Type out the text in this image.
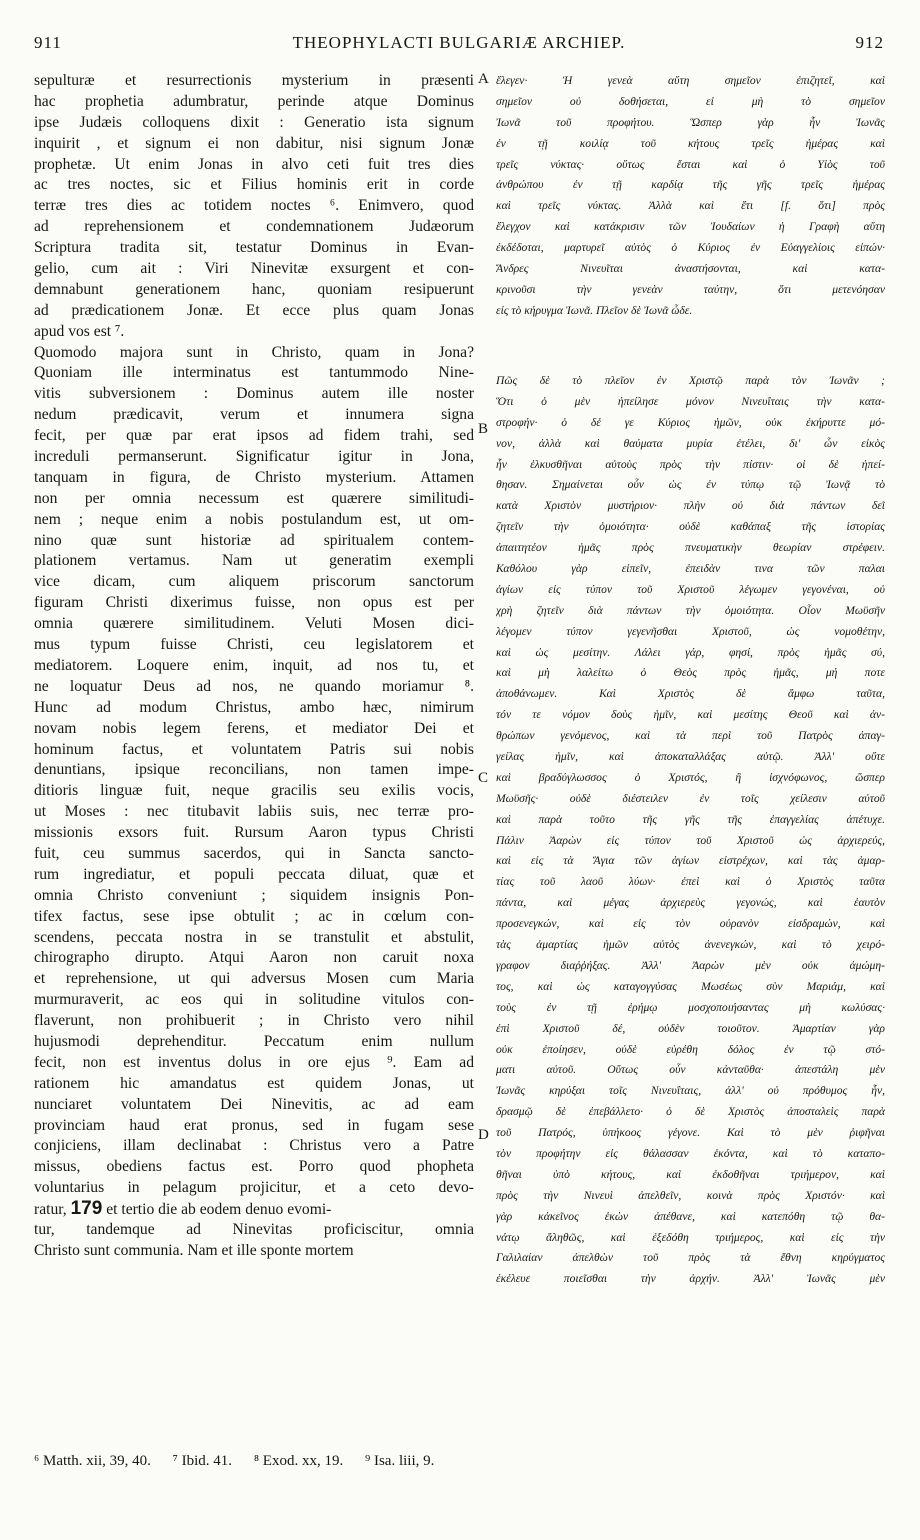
911	THEOPHYLACTI BULGARIÆ ARCHIEP.	912
sepulturæ et resurrectionis mysterium in præsenti
hac prophetia adumbratur, perinde atque Dominus
ipse Judæis colloquens dixit : Generatio ista signum
inquirit , et signum ei non dabitur, nisi signum Jonæ
prophetæ. Ut enim Jonas in alvo ceti fuit tres dies
ac tres noctes, sic et Filius hominis erit in corde
terræ tres dies ac totidem noctes ⁶. Enimvero, quod
ad reprehensionem et condemnationem Judæorum
Scriptura tradita sit, testatur Dominus in Evan-
gelio, cum ait : Viri Ninevitæ exsurgent et con-
demnabunt generationem hanc, quoniam resipuerunt
ad prædicationem Jonæ. Et ecce plus quam Jonas
apud vos est ⁷.
Quomodo majora sunt in Christo, quam in Jona?
Quoniam ille interminatus est tantummodo Nine-
vitis subversionem : Dominus autem ille noster
nedum prædicavit, verum et innumera signa
fecit, per quæ par erat ipsos ad fidem trahi, sed
increduli permanserunt. Significatur igitur in Jona,
tanquam in figura, de Christo mysterium. Attamen
non per omnia necessum est quærere similitudi-
nem ; neque enim a nobis postulandum est, ut om-
nino quæ sunt historiæ ad spiritualem contem-
plationem vertamus. Nam ut generatim exempli
vice dicam, cum aliquem priscorum sanctorum
figuram Christi dixerimus fuisse, non opus est per
omnia quærere similitudinem. Veluti Mosen dici-
mus typum fuisse Christi, ceu legislatorem et
mediatorem. Loquere enim, inquit, ad nos tu, et
ne loquatur Deus ad nos, ne quando moriamur ⁸.
Hunc ad modum Christus, ambo hæc, nimirum
novam nobis legem ferens, et mediator Dei et
hominum factus, et voluntatem Patris sui nobis
denuntians, ipsique reconcilians, non tamen impe-
ditioris linguæ fuit, neque gracilis seu exilis vocis,
ut Moses : nec titubavit labiis suis, nec terræ pro-
missionis exsors fuit. Rursum Aaron typus Christi
fuit, ceu summus sacerdos, qui in Sancta sancto-
rum ingrediatur, et populi peccata diluat, quæ et
omnia Christo conveniunt ; siquidem insignis Pon-
tifex factus, sese ipse obtulit ; ac in cœlum con-
scendens, peccata nostra in se transtulit et abstulit,
chirographo dirupto. Atqui Aaron non caruit noxa
et reprehensione, ut qui adversus Mosen cum Maria
murmuraverit, ac eos qui in solitudine vitulos con-
flaverunt, non prohibuerit ; in Christo vero nihil
hujusmodi deprehenditur. Peccatum enim nullum
fecit, non est inventus dolus in ore ejus ⁹. Eam ad
rationem hic amandatus est quidem Jonas, ut
nunciaret voluntatem Dei Ninevitis, ac ad eam
provinciam haud erat pronus, sed in fugam sese
conjiciens, illam declinabat : Christus vero a Patre
missus, obediens factus est. Porro quod phopheta
voluntarius in pelagum projicitur, et a ceto devo-
ratur, 179 et tertio die ab eodem denuo evomi-
tur, tandemque ad Ninevitas proficiscitur, omnia
Christo sunt communia. Nam et ille sponte mortem
A
B
C
D
ἔλεγεν· Ἡ γενεὰ αὕτη σημεῖον ἐπιζητεῖ, καὶ
σημεῖον οὐ δοθήσεται, εἰ μὴ τὸ σημεῖον
Ἰωνᾶ τοῦ προφήτου. Ὥσπερ γὰρ ἦν Ἰωνᾶς
ἐν τῇ κοιλίᾳ τοῦ κήτους τρεῖς ἡμέρας καὶ
τρεῖς νύκτας· οὕτως ἔσται καὶ ὁ Υἱὸς τοῦ
ἀνθρώπου ἐν τῇ καρδίᾳ τῆς γῆς τρεῖς ἡμέρας
καὶ τρεῖς νύκτας. Ἀλλὰ καὶ ἔτι [f. ὅτι] πρὸς
ἔλεγχον καὶ κατάκρισιν τῶν Ἰουδαίων ἡ Γραφὴ αὕτη
ἐκδέδοται, μαρτυρεῖ αὐτὸς ὁ Κύριος ἐν Εὐαγγελίοις εἰπών·
Ἄνδρες Νινευῖται ἀναστήσονται, καὶ κατα-
κρινοῦσι τὴν γενεὰν ταύτην, ὅτι μετενόησαν
εἰς τὸ κήρυγμα Ἰωνᾶ. Πλεῖον δὲ Ἰωνᾶ ὧδε.
Πῶς δὲ τὸ πλεῖον ἐν Χριστῷ παρὰ τὸν Ἰωνᾶν ;
Ὅτι ὁ μὲν ἠπείλησε μόνον Νινευΐταις τὴν κατα-
στροφήν· ὁ δέ γε Κύριος ἡμῶν, οὐκ ἐκήρυττε μό-
νον, ἀλλὰ καὶ θαύματα μυρία ἐτέλει, δι' ὧν εἰκὸς
ἦν ἑλκυσθῆναι αὐτοὺς πρὸς τὴν πίστιν· οἱ δὲ ἠπεί-
θησαν. Σημαίνεται οὖν ὡς ἐν τύπῳ τῷ Ἰωνᾷ τὸ
κατὰ Χριστὸν μυστήριον· πλὴν οὐ διὰ πάντων δεῖ
ζητεῖν τὴν ὁμοιότητα· οὐδὲ καθάπαξ τῆς ἱστορίας
ἀπαιτητέον ἡμᾶς πρὸς πνευματικὴν θεωρίαν στρέφειν.
Καθόλου γὰρ εἰπεῖν, ἐπειδὰν τινα τῶν παλαι
ἁγίων εἰς τύπον τοῦ Χριστοῦ λέγωμεν γεγονέναι, οὐ
χρὴ ζητεῖν διὰ πάντων τὴν ὁμοιότητα. Οἷον Μωϋσῆν
λέγομεν τύπον γεγενῆσθαι Χριστοῦ, ὡς νομοθέτην,
καὶ ὡς μεσίτην. Λάλει γάρ, φησί, πρὸς ἡμᾶς σύ,
καὶ μὴ λαλείτω ὁ Θεὸς πρὸς ἡμᾶς, μή ποτε
ἀποθάνωμεν. Καὶ Χριστὸς δὲ ἄμφω ταῦτα,
τόν τε νόμον δοὺς ἡμῖν, καὶ μεσίτης Θεοῦ καὶ ἀν-
θρώπων γενόμενος, καὶ τὰ περὶ τοῦ Πατρὸς ἀπαγ-
γείλας ἡμῖν, καὶ ἀποκαταλλάξας αὐτῷ. Ἀλλ' οὔτε
καὶ βραδύγλωσσος ὁ Χριστός, ἢ ἰσχνόφωνος, ὥσπερ
Μωϋσῆς· οὐδὲ διέστειλεν ἐν τοῖς χείλεσιν αὐτοῦ
καὶ παρὰ τοῦτο τῆς γῆς τῆς ἐπαγγελίας ἀπέτυχε.
Πάλιν Ἀαρὼν εἰς τύπον τοῦ Χριστοῦ ὡς ἀρχιερεύς,
καὶ εἰς τὰ Ἅγια τῶν ἁγίων εἰστρέχων, καὶ τὰς ἁμαρ-
τίας τοῦ λαοῦ λύων· ἐπεὶ καὶ ὁ Χριστὸς ταῦτα
πάντα, καὶ μέγας ἀρχιερεὺς γεγονώς, καὶ ἑαυτὸν
προσενεγκών, καὶ εἰς τὸν οὐρανὸν εἰσδραμών, καὶ
τὰς ἁμαρτίας ἡμῶν αὐτὸς ἀνενεγκών, καὶ τὸ χειρό-
γραφον διαῤῥήξας. Ἀλλ' Ἀαρὼν μὲν οὐκ ἀμώμη-
τος, καὶ ὡς καταγογγύσας Μωσέως σὺν Μαριάμ, καὶ
τοὺς ἐν τῇ ἐρήμῳ μοσχοποιήσαντας μὴ κωλύσας·
ἐπὶ Χριστοῦ δέ, οὐδὲν τοιοῦτον. Ἁμαρτίαν γὰρ
οὐκ ἐποίησεν, οὐδὲ εὑρέθη δόλος ἐν τῷ στό-
ματι αὐτοῦ. Οὕτως οὖν κἀνταῦθα· ἀπεστάλη μὲν
Ἰωνᾶς κηρύξαι τοῖς Νινευΐταις, ἀλλ' οὐ πρόθυμος ἦν,
δρασμῷ δὲ ἐπεβάλλετο· ὁ δὲ Χριστὸς ἀποσταλεὶς παρὰ
τοῦ Πατρός, ὑπήκοος γέγονε. Καὶ τὸ μὲν ῥιφῆναι
τὸν προφήτην εἰς θάλασσαν ἑκόντα, καὶ τὸ καταπο-
θῆναι ὑπὸ κήτους, καὶ ἐκδοθῆναι τριήμερον, καὶ
πρὸς τὴν Νινευὶ ἀπελθεῖν, κοινὰ πρὸς Χριστόν· καὶ
γὰρ κἀκεῖνος ἑκὼν ἀπέθανε, καὶ κατεπόθη τῷ θα-
νάτῳ ἄληθῶς, καὶ ἐξεδόθη τριήμερος, καὶ εἰς τὴν
Γαλιλαίαν ἀπελθὼν τοῦ πρὸς τὰ ἔθνη κηρύγματος
ἐκέλευε ποιεῖσθαι τὴν ἀρχήν. Ἀλλ' Ἰωνᾶς μὲν
⁶ Matth. xii, 39, 40. ⁷ Ibid. 41. ⁸ Exod. xx, 19. ⁹ Isa. liii, 9.
